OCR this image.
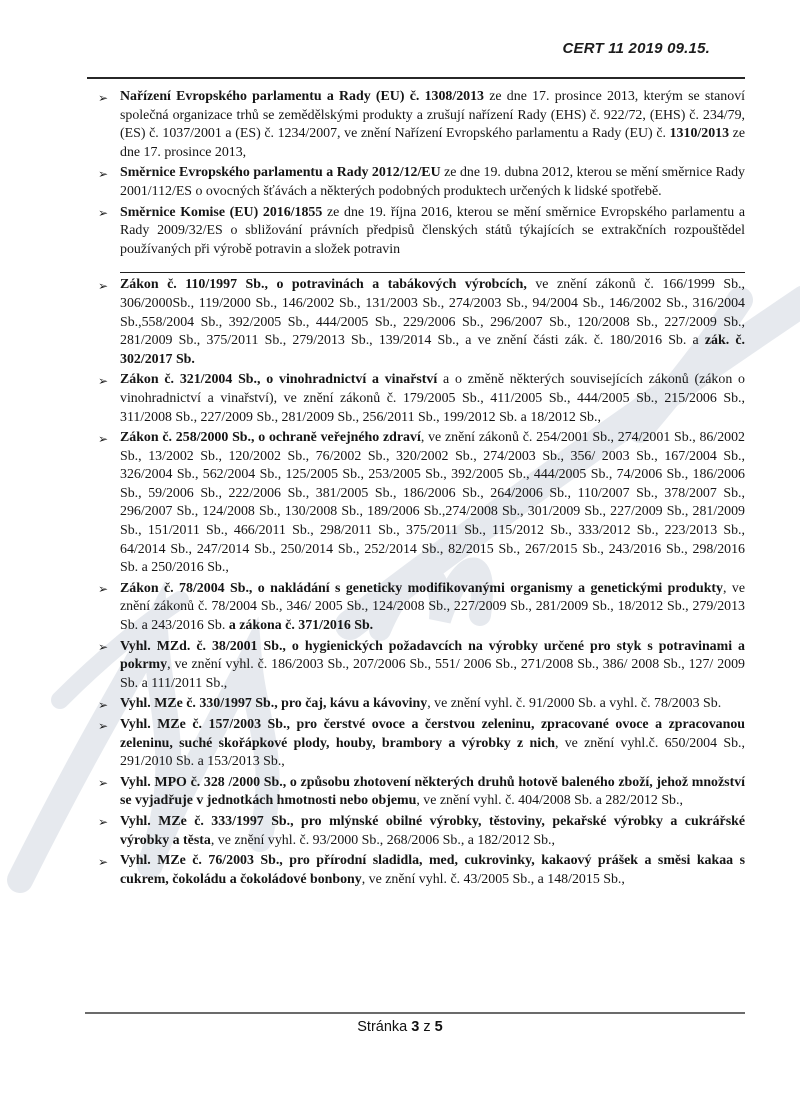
CERT 11 2019 09.15.
➢ Nařízení Evropského parlamentu a Rady (EU) č. 1308/2013 ze dne 17. prosince 2013, kterým se stanoví společná organizace trhů se zemědělskými produkty a zrušují nařízení Rady (EHS) č. 922/72, (EHS) č. 234/79, (ES) č. 1037/2001 a (ES) č. 1234/2007, ve znění Nařízení Evropského parlamentu a Rady (EU) č. 1310/2013 ze dne 17. prosince 2013,
➢ Směrnice Evropského parlamentu a Rady 2012/12/EU ze dne 19. dubna 2012, kterou se mění směrnice Rady 2001/112/ES o ovocných šťávách a některých podobných produktech určených k lidské spotřebě.
➢ Směrnice Komise (EU) 2016/1855 ze dne 19. října 2016, kterou se mění směrnice Evropského parlamentu a Rady 2009/32/ES o sbližování právních předpisů členských států týkajících se extrakčních rozpouštědel používaných při výrobě potravin a složek potravin
➢ Zákon č. 110/1997 Sb., o potravinách a tabákových výrobcích, ve znění zákonů č. 166/1999 Sb., 306/2000Sb., 119/2000 Sb., 146/2002 Sb., 131/2003 Sb., 274/2003 Sb., 94/2004 Sb., 146/2002 Sb., 316/2004 Sb.,558/2004 Sb., 392/2005 Sb., 444/2005 Sb., 229/2006 Sb., 296/2007 Sb., 120/2008 Sb., 227/2009 Sb., 281/2009 Sb., 375/2011 Sb., 279/2013 Sb., 139/2014 Sb., a ve znění části zák. č. 180/2016 Sb. a zák. č. 302/2017 Sb.
➢ Zákon č. 321/2004 Sb., o vinohradnictví a vinařství a o změně některých souvisejících zákonů (zákon o vinohradnictví a vinařství), ve znění zákonů č. 179/2005 Sb., 411/2005 Sb., 444/2005 Sb., 215/2006 Sb., 311/2008 Sb., 227/2009 Sb., 281/2009 Sb., 256/2011 Sb., 199/2012 Sb. a 18/2012 Sb.,
➢ Zákon č. 258/2000 Sb., o ochraně veřejného zdraví, ve znění zákonů č. 254/2001 Sb., 274/2001 Sb., 86/2002 Sb., 13/2002 Sb., 120/2002 Sb., 76/2002 Sb., 320/2002 Sb., 274/2003 Sb., 356/ 2003 Sb., 167/2004 Sb., 326/2004 Sb., 562/2004 Sb., 125/2005 Sb., 253/2005 Sb., 392/2005 Sb., 444/2005 Sb., 74/2006 Sb., 186/2006 Sb., 59/2006 Sb., 222/2006 Sb., 381/2005 Sb., 186/2006 Sb., 264/2006 Sb., 110/2007 Sb., 378/2007 Sb., 296/2007 Sb., 124/2008 Sb., 130/2008 Sb., 189/2006 Sb.,274/2008 Sb., 301/2009 Sb., 227/2009 Sb., 281/2009 Sb., 151/2011 Sb., 466/2011 Sb., 298/2011 Sb., 375/2011 Sb., 115/2012 Sb., 333/2012 Sb., 223/2013 Sb., 64/2014 Sb., 247/2014 Sb., 250/2014 Sb., 252/2014 Sb., 82/2015 Sb., 267/2015 Sb., 243/2016 Sb., 298/2016 Sb. a 250/2016 Sb.,
➢ Zákon č. 78/2004 Sb., o nakládání s geneticky modifikovanými organismy a genetickými produkty, ve znění zákonů č. 78/2004 Sb., 346/ 2005 Sb., 124/2008 Sb., 227/2009 Sb., 281/2009 Sb., 18/2012 Sb., 279/2013 Sb. a 243/2016 Sb. a zákona č. 371/2016 Sb.
➢ Vyhl. MZd. č. 38/2001 Sb., o hygienických požadavcích na výrobky určené pro styk s potravinami a pokrmy, ve znění vyhl. č. 186/2003 Sb., 207/2006 Sb., 551/ 2006 Sb., 271/2008 Sb., 386/ 2008 Sb., 127/ 2009 Sb. a 111/2011 Sb.,
➢ Vyhl. MZe č. 330/1997 Sb., pro čaj, kávu a kávoviny, ve znění vyhl. č. 91/2000 Sb. a vyhl. č. 78/2003 Sb.
➢ Vyhl. MZe č. 157/2003 Sb., pro čerstvé ovoce a čerstvou zeleninu, zpracované ovoce a zpracovanou zeleninu, suché skořápkové plody, houby, brambory a výrobky z nich, ve znění vyhl.č. 650/2004 Sb., 291/2010 Sb. a 153/2013 Sb.,
➢ Vyhl. MPO č. 328 /2000 Sb., o způsobu zhotovení některých druhů hotově baleného zboží, jehož množství se vyjadřuje v jednotkách hmotnosti nebo objemu, ve znění vyhl. č. 404/2008 Sb. a 282/2012 Sb.,
➢ Vyhl. MZe č. 333/1997 Sb., pro mlýnské obilné výrobky, těstoviny, pekařské výrobky a cukrářské výrobky a těsta, ve znění vyhl. č. 93/2000 Sb., 268/2006 Sb., a 182/2012 Sb.,
➢ Vyhl. MZe č. 76/2003 Sb., pro přírodní sladidla, med, cukrovinky, kakaový prášek a směsi kakaa s cukrem, čokoládu a čokoládové bonbony, ve znění vyhl. č. 43/2005 Sb., a 148/2015 Sb.,
Stránka 3 z 5
